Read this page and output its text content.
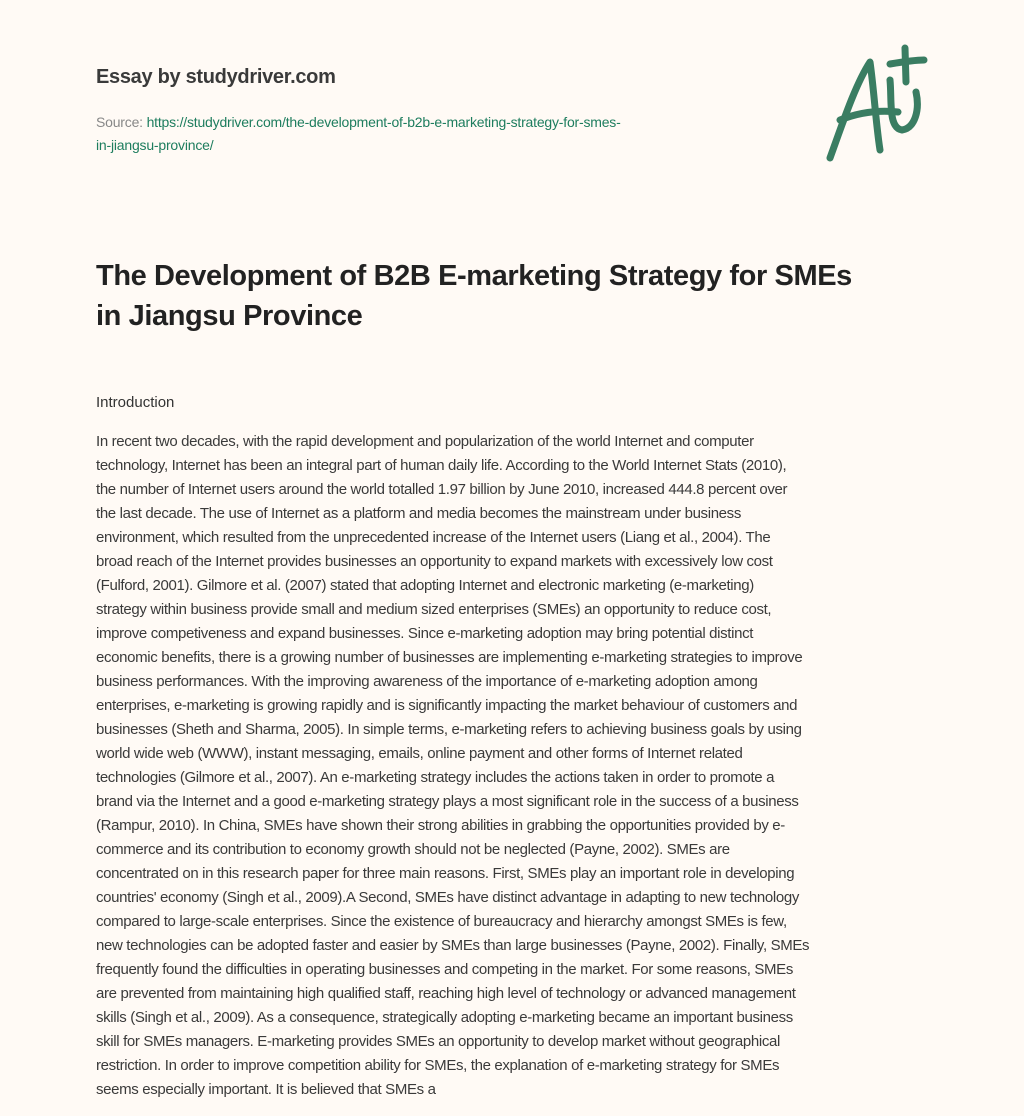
Essay by studydriver.com
Source: https://studydriver.com/the-development-of-b2b-e-marketing-strategy-for-smes-
in-jiangsu-province/
The Development of B2B E-marketing Strategy for SMEs
in Jiangsu Province
Introduction
In recent two decades, with the rapid development and popularization of the world Internet and computer
technology, Internet has been an integral part of human daily life. According to the World Internet Stats (2010),
the number of Internet users around the world totalled 1.97 billion by June 2010, increased 444.8 percent over
the last decade. The use of Internet as a platform and media becomes the mainstream under business
environment, which resulted from the unprecedented increase of the Internet users (Liang et al., 2004). The
broad reach of the Internet provides businesses an opportunity to expand markets with excessively low cost
(Fulford, 2001). Gilmore et al. (2007) stated that adopting Internet and electronic marketing (e-marketing)
strategy within business provide small and medium sized enterprises (SMEs) an opportunity to reduce cost,
improve competiveness and expand businesses. Since e-marketing adoption may bring potential distinct
economic benefits, there is a growing number of businesses are implementing e-marketing strategies to improve
business performances. With the improving awareness of the importance of e-marketing adoption among
enterprises, e-marketing is growing rapidly and is significantly impacting the market behaviour of customers and
businesses (Sheth and Sharma, 2005). In simple terms, e-marketing refers to achieving business goals by using
world wide web (WWW), instant messaging, emails, online payment and other forms of Internet related
technologies (Gilmore et al., 2007). An e-marketing strategy includes the actions taken in order to promote a
brand via the Internet and a good e-marketing strategy plays a most significant role in the success of a business
(Rampur, 2010). In China, SMEs have shown their strong abilities in grabbing the opportunities provided by e-
commerce and its contribution to economy growth should not be neglected (Payne, 2002). SMEs are
concentrated on in this research paper for three main reasons. First, SMEs play an important role in developing
countries' economy (Singh et al., 2009).A Second, SMEs have distinct advantage in adapting to new technology
compared to large-scale enterprises. Since the existence of bureaucracy and hierarchy amongst SMEs is few,
new technologies can be adopted faster and easier by SMEs than large businesses (Payne, 2002). Finally, SMEs
frequently found the difficulties in operating businesses and competing in the market. For some reasons, SMEs
are prevented from maintaining high qualified staff, reaching high level of technology or advanced management
skills (Singh et al., 2009). As a consequence, strategically adopting e-marketing became an important business
skill for SMEs managers. E-marketing provides SMEs an opportunity to develop market without geographical
restriction. In order to improve competition ability for SMEs, the explanation of e-marketing strategy for SMEs
seems especially important. It is believed that SMEs a
